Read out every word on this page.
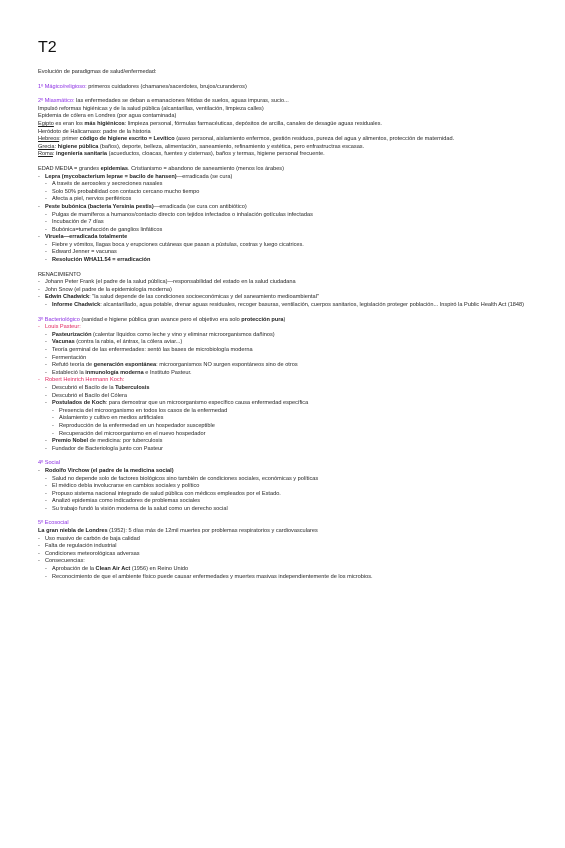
T2

Evolución de paradigmas de salud/enfermedad:

1º Mágico/religioso: primeros cuidadores (chamanes/sacerdotes, brujos/curanderos)

2º Miasmático: las enfermedades se deban a emanaciones fétidas de suelos, aguas impuras, sucio...

Impulsó reformas higiénicas y de la salud pública (alcantarillas, ventilación, limpieza calles)

Epidemia de cólera en Londres (por agua contaminada)

Egipto es eran los más higiénicos: limpieza personal, fórmulas farmacéuticas, depósitos de arcilla, canales de desagüe aguas residuales.

Heródoto de Halicarnaso: padre de la historia

Hebreos: primer código de higiene escrito = Levítico (aseo personal, aislamiento enfermos, gestión residuos, pureza del agua y alimentos, protección de maternidad.

Grecia: higiene pública (baños), deporte, belleza, alimentación, saneamiento, refinamiento y estética, pero enfrastructras escasas.

Roma: ingeniería sanitaria (acueductos, cloacas, fuentes y cisternas), baños y termas, higiene personal frecuente.

EDAD MEDIA = grandes epidemias. Cristianismo = abandono de saneamiento (menos los árabes)

- Lepra (mycobacterium leprae = bacilo de hansen)—erradicada (se cura)
- A través de aerosoles y secreciones nasales
- Solo 50% probabilidad con contacto cercano mucho tiempo
- Afecta a piel, nervios periféricos
- Peste bubónica (bacteria Yersinia pestis)—erradicada (se cura con antibiótico)
- Pulgas de mamíferos a humanos/contacto directo con tejidos infectados o inhalación gotículas infectadas
- Incubación de 7 días
- Bubónica=tumefacción de ganglios linfáticos
- Viruela—erradicada totalmente
- Fiebre y vómitos, llagas boca y erupciones cutáneas que pasan a pústulas, costras y luego cicatrices.
- Edward Jenner = vacunas
- Resolución WHA11.54 = erradicación

RENACIMIENTO

- Johann Peter Frank (el padre de la salud pública)—responsabilidad del estado en la salud ciudadana
- John Snow (el padre de la epidemiología moderna)
- Edwin Chadwick: "la salud depende de las condiciones socioeconómicas y del saneamiento medioambiental"
- Informe Chadwick: alcantarillado, agua potable, drenar aguas residuales, recoger basuras, ventilación, cuerpos sanitarios, legislación proteger población... Inspiró la Public Health Act (1848)

3º Bacteriológico (sanidad e higiene pública gran avance pero el objetivo era solo protección pura)

- Louis Pasteur:
- Pasteurización (calentar líquidos como leche y vino y eliminar microorganismos dañinos)
- Vacunas (contra la rabia, el ántrax, la cólera aviar...)
- Teoría germinal de las enfermedades: sentó las bases de microbiología moderna
- Fermentación
- Refutó teoría de generación espontánea: microorganismos NO surgen espontáneos sino de otros
- Estableció la inmunología moderna e Instituto Pasteur.
- Robert Heinrich Hermann Koch:
- Descubrió el Bacilo de la Tuberculosis
- Descubrió el Bacilo del Cólera
- Postulados de Koch: para demostrar que un microorganismo específico causa enfermedad específica
- Presencia del microorganismo en todos los casos de la enfermedad
- Aislamiento y cultivo en medios artificiales
- Reproducción de la enfermedad en un hospedador susceptible
- Recuperación del microorganismo en el nuevo hospedador
- Premio Nobel de medicina: por tuberculosis
- Fundador de Bacteriología junto con Pasteur

4º Social

- Rodolfo Virchow (el padre de la medicina social)
- Salud no depende solo de factores biológicos sino también de condiciones sociales, económicas y políticas
- El médico debía involucrarse en cambios sociales y político
- Propuso sistema nacional integrado de salud pública con médicos empleados por el Estado.
- Analizó epidemias como indicadores de problemas sociales
- Su trabajo fundó la visión moderna de la salud como un derecho social

5º Ecosocial

La gran niebla de Londres (1952): 5 días más de 12mil muertes por problemas respiratorios y cardiovasculares

- Uso masivo de carbón de baja calidad
- Falta de regulación industrial
- Condiciones meteorológicas adversas
- Consecuencias:
- Aprobación de la Clean Air Act (1956) en Reino Unido
- Reconocimiento de que el ambiente físico puede causar enfermedades y muertes masivas independientemente de los microbios.
